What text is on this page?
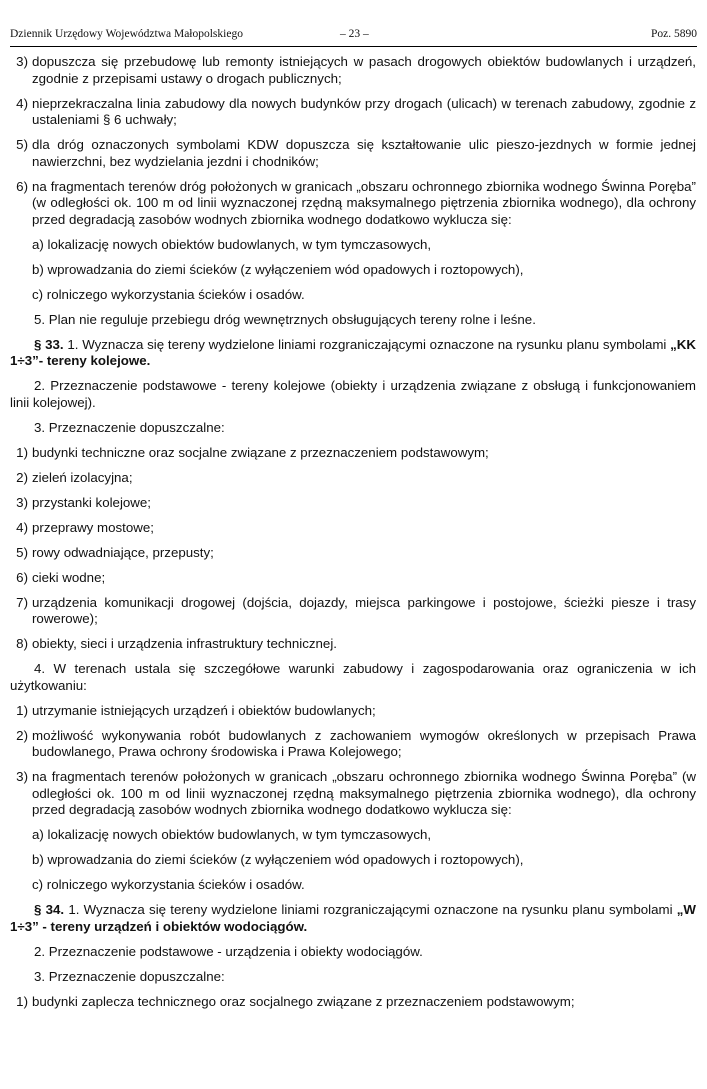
Dziennik Urzędowy Województwa Małopolskiego	– 23 –	Poz. 5890
3) dopuszcza się przebudowę lub remonty istniejących w pasach drogowych obiektów budowlanych i urządzeń, zgodnie z przepisami ustawy o drogach publicznych;
4) nieprzekraczalna linia zabudowy dla nowych budynków przy drogach (ulicach) w terenach zabudowy, zgodnie z ustaleniami § 6 uchwały;
5) dla dróg oznaczonych symbolami KDW dopuszcza się kształtowanie ulic pieszo-jezdnych w formie jednej nawierzchni, bez wydzielania jezdni i chodników;
6) na fragmentach terenów dróg położonych w granicach „obszaru ochronnego zbiornika wodnego Świnna Poręba” (w odległości ok. 100 m od linii wyznaczonej rzędną maksymalnego piętrzenia zbiornika wodnego), dla ochrony przed degradacją zasobów wodnych zbiornika wodnego dodatkowo wyklucza się:
a) lokalizację nowych obiektów budowlanych, w tym tymczasowych,
b) wprowadzania do ziemi ścieków (z wyłączeniem wód opadowych i roztopowych),
c) rolniczego wykorzystania ścieków i osadów.
5. Plan nie reguluje przebiegu dróg wewnętrznych obsługujących tereny rolne i leśne.
§ 33. 1. Wyznacza się tereny wydzielone liniami rozgraniczającymi oznaczone na rysunku planu symbolami „KK 1÷3”- tereny kolejowe.
2. Przeznaczenie podstawowe - tereny kolejowe (obiekty i urządzenia związane z obsługą i funkcjonowaniem linii kolejowej).
3. Przeznaczenie dopuszczalne:
1) budynki techniczne oraz socjalne związane z przeznaczeniem podstawowym;
2) zieleń izolacyjna;
3) przystanki kolejowe;
4) przeprawy mostowe;
5) rowy odwadniające, przepusty;
6) cieki wodne;
7) urządzenia komunikacji drogowej (dojścia, dojazdy, miejsca parkingowe i postojowe, ścieżki piesze i trasy rowerowe);
8) obiekty, sieci i urządzenia infrastruktury technicznej.
4. W terenach ustala się szczegółowe warunki zabudowy i zagospodarowania oraz ograniczenia w ich użytkowaniu:
1) utrzymanie istniejących urządzeń i obiektów budowlanych;
2) możliwość wykonywania robót budowlanych z zachowaniem wymogów określonych w przepisach Prawa budowlanego, Prawa ochrony środowiska i Prawa Kolejowego;
3) na fragmentach terenów położonych w granicach „obszaru ochronnego zbiornika wodnego Świnna Poręba” (w odległości ok. 100 m od linii wyznaczonej rzędną maksymalnego piętrzenia zbiornika wodnego), dla ochrony przed degradacją zasobów wodnych zbiornika wodnego dodatkowo wyklucza się:
a) lokalizację nowych obiektów budowlanych, w tym tymczasowych,
b) wprowadzania do ziemi ścieków (z wyłączeniem wód opadowych i roztopowych),
c) rolniczego wykorzystania ścieków i osadów.
§ 34. 1. Wyznacza się tereny wydzielone liniami rozgraniczającymi oznaczone na rysunku planu symbolami „W 1÷3” - tereny urządzeń i obiektów wodociągów.
2. Przeznaczenie podstawowe - urządzenia i obiekty wodociągów.
3. Przeznaczenie dopuszczalne:
1) budynki zaplecza technicznego oraz socjalnego związane z przeznaczeniem podstawowym;
